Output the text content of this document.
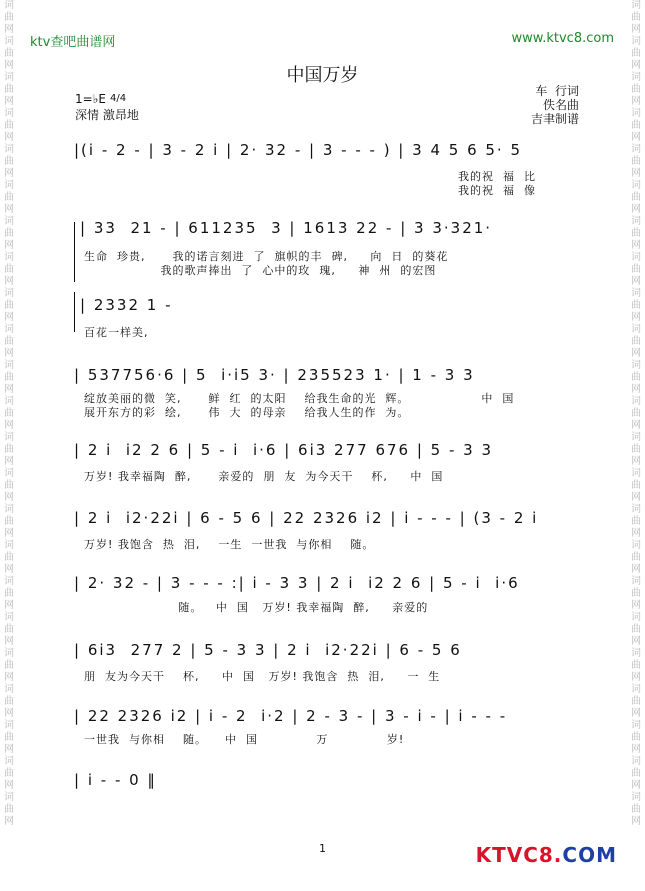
词曲网词曲网词曲网词曲网词曲网词曲网词曲网词曲网词曲网词曲网词曲网词曲网词曲网词曲网词曲网词曲网词曲网词曲网词曲网词曲网词曲网词曲网词曲网
词曲网词曲网词曲网词曲网词曲网词曲网词曲网词曲网词曲网词曲网词曲网词曲网词曲网词曲网词曲网词曲网词曲网词曲网词曲网词曲网词曲网词曲网词曲网
ktv查吧曲谱网	www.ktvc8.com
中国万岁
1=♭E 4/4
深情 激昂地
车  行词
佚名曲
吉聿制谱
|(i - 2 - | 3 - 2 i | 2· 32 - | 3 - - - ) | 3 4 5 6 5· 5
我的祝  福  比
我的祝  福  像
| 33  21 - | 611235  3 | 1613 22 - | 3 3·321·
生命  珍贵,      我的诺言刻进  了  旗帜的丰  碑,     向  日  的葵花
我的歌声捧出  了  心中的玫  瑰,     神  州  的宏图
| 2332 1 -
百花一样美,
| 537756·6 | 5  i·i5 3· | 235523 1· | 1 - 3 3
绽放美丽的微  笑,      鲜  红  的太阳    给我生命的光  辉。                中  国
展开东方的彩  绘,      伟  大  的母亲    给我人生的作  为。
| 2 i  i2 2 6 | 5 - i  i·6 | 6i3 277 676 | 5 - 3 3
万岁! 我幸福陶  醉,      亲爱的  朋  友  为今天干    杯,     中  国
| 2 i  i2·22i | 6 - 5 6 | 22 2326 i2 | i - - - | (3 - 2 i
万岁! 我饱含  热  泪,    一生  一世我  与你相    随。
| 2· 32 - | 3 - - - :| i - 3 3 | 2 i  i2 2 6 | 5 - i  i·6
随。   中  国   万岁! 我幸福陶  醉,     亲爱的
| 6i3  277 2 | 5 - 3 3 | 2 i  i2·22i | 6 - 5 6
朋  友为今天干    杯,     中  国   万岁! 我饱含  热  泪,     一  生
| 22 2326 i2 | i - 2  i·2 | 2 - 3 - | 3 - i - | i - - -
一世我  与你相    随。    中  国             万             岁!
| i - - 0 ‖
1	KTVC8.COM
